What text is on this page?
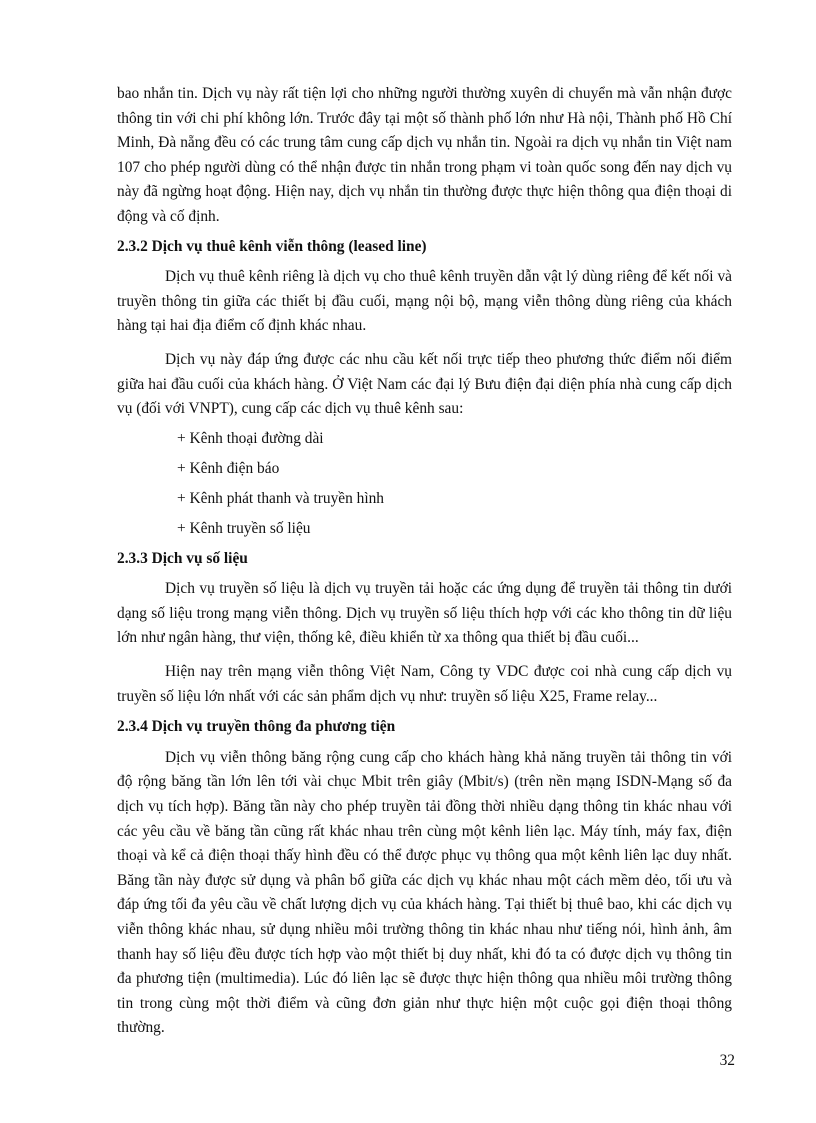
bao nhắn tin. Dịch vụ này rất tiện lợi cho những người thường xuyên di chuyển mà vẫn nhận được thông tin với chi phí không lớn. Trước đây tại một số thành phố lớn như Hà nội, Thành phố Hồ Chí Minh, Đà nẵng đều có các trung tâm cung cấp dịch vụ nhắn tin. Ngoài ra dịch vụ nhắn tin Việt nam 107 cho phép người dùng có thể nhận được tin nhắn trong phạm vi toàn quốc song đến nay dịch vụ này đã ngừng hoạt động. Hiện nay, dịch vụ nhắn tin thường được thực hiện thông qua điện thoại di động và cố định.

2.3.2 Dịch vụ thuê kênh viễn thông (leased line)

Dịch vụ thuê kênh riêng là dịch vụ cho thuê kênh truyền dẫn vật lý dùng riêng để kết nối và truyền thông tin giữa các thiết bị đầu cuối, mạng nội bộ, mạng viễn thông dùng riêng của khách hàng tại hai địa điểm cố định khác nhau.

Dịch vụ này đáp ứng được các nhu cầu kết nối trực tiếp theo phương thức điểm nối điểm giữa hai đầu cuối của khách hàng. Ở Việt Nam các đại lý Bưu điện đại diện phía nhà cung cấp dịch vụ (đối với VNPT), cung cấp các dịch vụ thuê kênh sau:

+ Kênh thoại đường dài
+ Kênh điện báo
+ Kênh phát thanh và truyền hình
+ Kênh truyền số liệu
2.3.3 Dịch vụ số liệu

Dịch vụ truyền số liệu là dịch vụ truyền tải hoặc các ứng dụng để truyền tải thông tin dưới dạng số liệu trong mạng viễn thông. Dịch vụ truyền số liệu thích hợp với các kho thông tin dữ liệu lớn như ngân hàng, thư viện, thống kê, điều khiển từ xa thông qua thiết bị đầu cuối...

Hiện nay trên mạng viễn thông Việt Nam, Công ty VDC được coi nhà cung cấp dịch vụ truyền số liệu lớn nhất với các sản phẩm dịch vụ như: truyền số liệu X25, Frame relay...

2.3.4 Dịch vụ truyền thông đa phương tiện

Dịch vụ viễn thông băng rộng cung cấp cho khách hàng khả năng truyền tải thông tin với độ rộng băng tần lớn lên tới vài chục Mbit trên giây (Mbit/s) (trên nền mạng ISDN-Mạng số đa dịch vụ tích hợp). Băng tần này cho phép truyền tải đồng thời nhiều dạng thông tin khác nhau với các yêu cầu về băng tần cũng rất khác nhau trên cùng một kênh liên lạc. Máy tính, máy fax, điện thoại và kể cả điện thoại thấy hình đều có thể được phục vụ thông qua một kênh liên lạc duy nhất. Băng tần này được sử dụng và phân bổ giữa các dịch vụ khác nhau một cách mềm dẻo, tối ưu và đáp ứng tối đa yêu cầu về chất lượng dịch vụ của khách hàng. Tại thiết bị thuê bao, khi các dịch vụ viễn thông khác nhau, sử dụng nhiều môi trường thông tin khác nhau như tiếng nói, hình ảnh, âm thanh hay số liệu đều được tích hợp vào một thiết bị duy nhất, khi đó ta có được dịch vụ thông tin đa phương tiện (multimedia). Lúc đó liên lạc sẽ được thực hiện thông qua nhiều môi trường thông tin trong cùng một thời điểm và cũng đơn giản như thực hiện một cuộc gọi điện thoại thông thường.

32
